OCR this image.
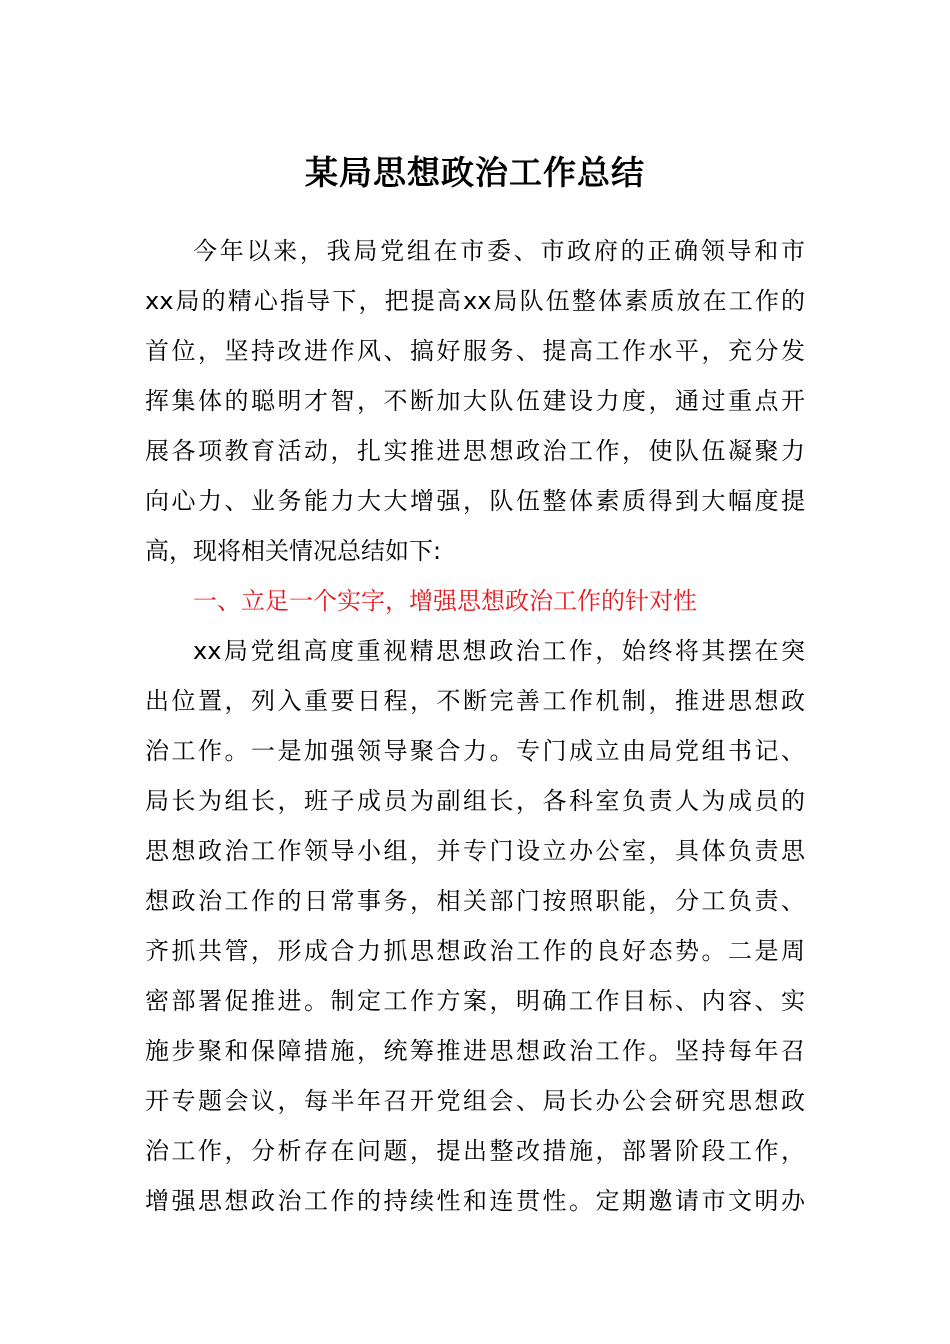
某局思想政治工作总结
今年以来，我局党组在市委、市政府的正确领导和市
xx局的精心指导下，把提高xx局队伍整体素质放在工作的
首位，坚持改进作风、搞好服务、提高工作水平，充分发
挥集体的聪明才智，不断加大队伍建设力度，通过重点开
展各项教育活动，扎实推进思想政治工作，使队伍凝聚力
向心力、业务能力大大增强，队伍整体素质得到大幅度提
高，现将相关情况总结如下:
一、立足一个实字，增强思想政治工作的针对性
xx局党组高度重视精思想政治工作，始终将其摆在突
出位置，列入重要日程，不断完善工作机制，推进思想政
治工作。一是加强领导聚合力。专门成立由局党组书记、
局长为组长，班子成员为副组长，各科室负责人为成员的
思想政治工作领导小组，并专门设立办公室，具体负责思
想政治工作的日常事务，相关部门按照职能，分工负责、
齐抓共管，形成合力抓思想政治工作的良好态势。二是周
密部署促推进。制定工作方案，明确工作目标、内容、实
施步聚和保障措施，统筹推进思想政治工作。坚持每年召
开专题会议，每半年召开党组会、局长办公会研究思想政
治工作，分析存在问题，提出整改措施，部署阶段工作，
增强思想政治工作的持续性和连贯性。定期邀请市文明办
